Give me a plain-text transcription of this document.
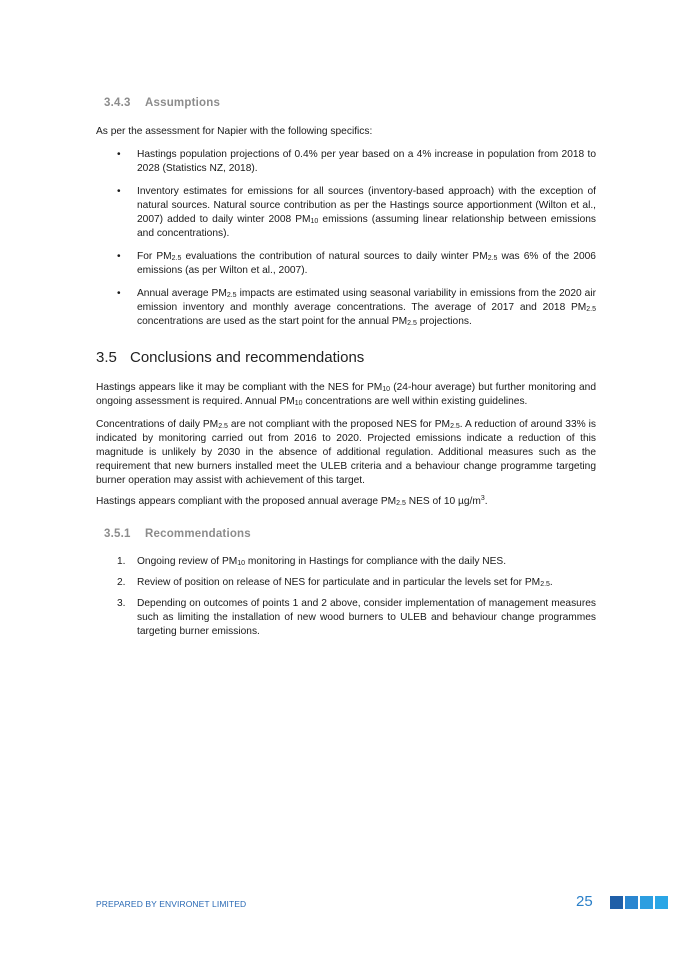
3.4.3 Assumptions
As per the assessment for Napier with the following specifics:
• Hastings population projections of 0.4% per year based on a 4% increase in population from 2018 to 2028 (Statistics NZ, 2018).
• Inventory estimates for emissions for all sources (inventory-based approach) with the exception of natural sources. Natural source contribution as per the Hastings source apportionment (Wilton et al., 2007) added to daily winter 2008 $PM_{10}$ emissions (assuming linear relationship between emissions and concentrations).
• For $PM_{2.5}$ evaluations the contribution of natural sources to daily winter $PM_{2.5}$ was 6% of the 2006 emissions (as per Wilton et al., 2007).
• Annual average $PM_{2.5}$ impacts are estimated using seasonal variability in emissions from the 2020 air emission inventory and monthly average concentrations. The average of 2017 and 2018 $PM_{2.5}$ concentrations are used as the start point for the annual $PM_{2.5}$ projections.
3.5 Conclusions and recommendations
Hastings appears like it may be compliant with the NES for $PM_{10}$ (24-hour average) but further monitoring and ongoing assessment is required. Annual $PM_{10}$ concentrations are well within existing guidelines.
Concentrations of daily $PM_{2.5}$ are not compliant with the proposed NES for $PM_{2.5}$. A reduction of around 33% is indicated by monitoring carried out from 2016 to 2020. Projected emissions indicate a reduction of this magnitude is unlikely by 2030 in the absence of additional regulation. Additional measures such as the requirement that new burners installed meet the ULEB criteria and a behaviour change programme targeting burner operation may assist with achievement of this target.
Hastings appears compliant with the proposed annual average $PM_{2.5}$ NES of 10 $\mu g/m^3$.
3.5.1 Recommendations
1. Ongoing review of $PM_{10}$ monitoring in Hastings for compliance with the daily NES.
2. Review of position on release of NES for particulate and in particular the levels set for $PM_{2.5}$.
3. Depending on outcomes of points 1 and 2 above, consider implementation of management measures such as limiting the installation of new wood burners to ULEB and behaviour change programmes targeting burner emissions.
PREPARED BY ENVIRONET LIMITED	25
